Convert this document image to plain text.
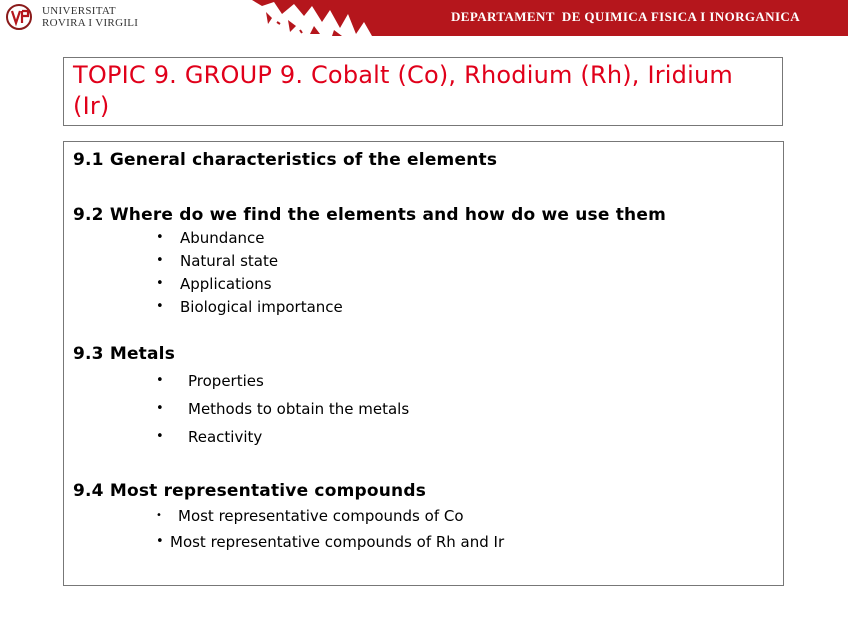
UNIVERSITAT
ROVIRA I VIRGILI	DEPARTAMENT  DE QUIMICA FISICA I INORGANICA
TOPIC 9. GROUP 9. Cobalt (Co), Rhodium (Rh), Iridium (Ir)
9.1 General characteristics of the elements
9.2 Where do we find the elements and how do we use them
•	Abundance
•	Natural state
•	Applications
•	Biological importance
9.3 Metals
•	Properties
•	Methods to obtain the metals
•	Reactivity
9.4 Most representative compounds
•	Most representative compounds of Co
• Most representative compounds of Rh and Ir
